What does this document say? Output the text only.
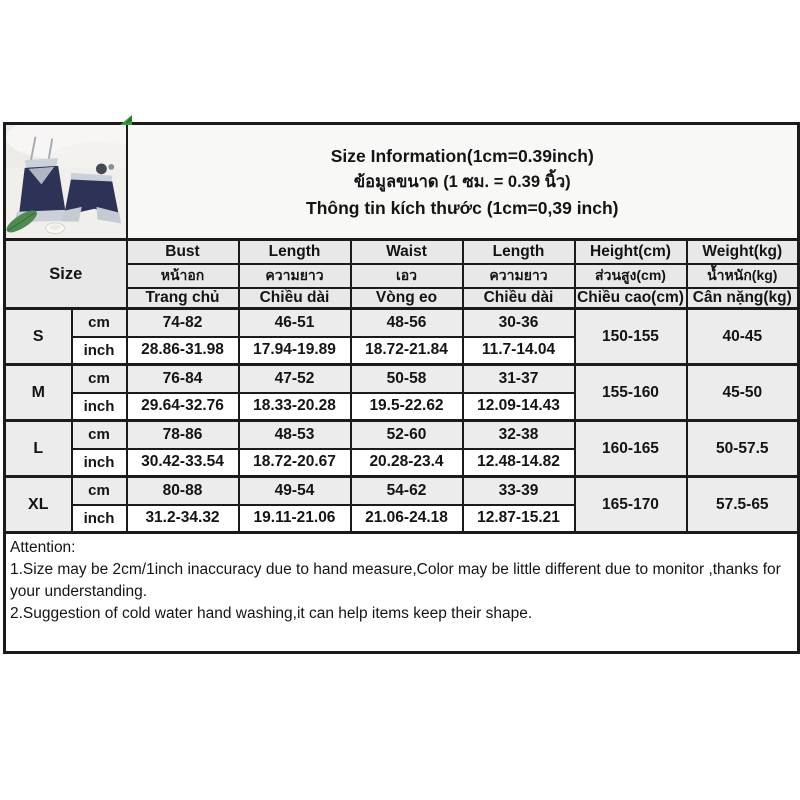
Size Information(1cm=0.39inch)
ข้อมูลขนาด (1 ซม. = 0.39 นิ้ว)
Thông tin kích thước (1cm=0,39 inch)					

Size		Bust	Length	Waist	Length	Height(cm)	Weight(kg)
		หน้าอก	ความยาว	เอว	ความยาว	ส่วนสูง(cm)	น้ำหนัก(kg)
		Trang chủ	Chiều dài	Vòng eo	Chiều dài	Chiều cao(cm)	Cân nặng(kg)
S	cm	74-82	46-51	48-56	30-36	150-155	40-45
	inch	28.86-31.98	17.94-19.89	18.72-21.84	11.7-14.04		
M	cm	76-84	47-52	50-58	31-37	155-160	45-50
	inch	29.64-32.76	18.33-20.28	19.5-22.62	12.09-14.43		
L	cm	78-86	48-53	52-60	32-38	160-165	50-57.5
	inch	30.42-33.54	18.72-20.67	20.28-23.4	12.48-14.82		
XL	cm	80-88	49-54	54-62	33-39	165-170	57.5-65
	inch	31.2-34.32	19.11-21.06	21.06-24.18	12.87-15.21		

Attention:
1.Size may be 2cm/1inch inaccuracy due to hand measure,Color may be little different due to monitor ,thanks for your understanding.
2.Suggestion of cold water hand washing,it can help items keep their shape.							
